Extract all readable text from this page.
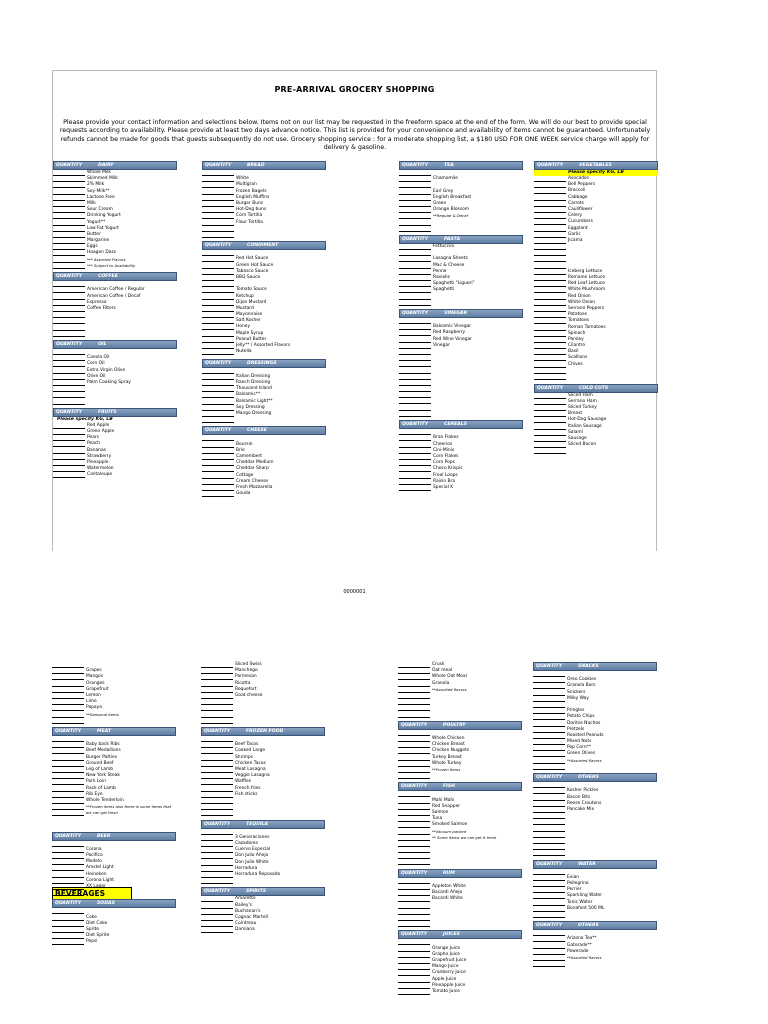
PRE-ARRIVAL GROCERY SHOPPING
Please provide your contact information and selections below. Items not on our list may be requested in the freeform space at the end of the form. We will do our best to provide special requests according to availability. Please provide at least two days advance notice. This list is provided for your convenience and availability of items cannot be guaranteed. Unfortunately refunds cannot be made for goods that guests subsequently do not use. Grocery shopping service : for a moderate shopping list, a $180 USD FOR ONE WEEK service charge will apply for delivery & gasoline.
0000001
QUANTITY	DAIRY
Whole Milk
Skimmed Milk
2% Milk
Soy Milk**
Lactose Free
Milk
Sour Cream
Drinking Yogurt
Yogurt**
Low Fat Yogurt
Butter
Margarine
Eggs
Haagen Dazs
*** Assorted Flavors
*** Subject to Availability
QUANTITY	COFFEE
American Coffee / Regular
American Coffee / Decaf
Espresso
Coffee Filters
QUANTITY	OIL
Canola Oil
Corn Oil
Extra Virgin Olive
Olive Oil
Palm Cooking Spray
QUANTITY	FRUITS
Please specify KG, LB
Red Apple
Green Apple
Pears
Peach
Bananas
Strawberry
Pineapple
Watermelon
Cantaloupe
QUANTITY	BREAD
White
Multigran
Frozen Bagels
English Muffins
Burger Buns
Hot-Dog buns
Corn Tortilla
Flour Tortilla
QUANTITY	CONDIMENT
Red Hot Sauce
Green Hot Sauce
Tabasco Sauce
BBQ Sauce
Tomato Sauce
Ketchup
Dijon Mustard
Mustard
Mayonnaise
Salt Kosher
Honey
Maple Syrup
Peanut Butter
Jelly** / Assorted Flavors
Nutella
QUANTITY	DRESSINGS
Italian Dressing
Ranch Dressing
Thousand Island
Balsamic**
Balsamic Light**
Soy Dressing
Mango Dressing
QUANTITY	CHEESE
Boursin
Brie
Camembert
Cheddar Medium
Cheddar Sharp
Cottage
Cream Cheese
Fresh Mozzarella
Gouda
QUANTITY	TEA
Chamomile
Earl Grey
English Breakfast
Green
Orange Blossom
**Regular & Decaf
QUANTITY	PASTA
Fettuccini
Lasagna Sheets
Mac & Cheese
Penne
Raviolis
Spaghetti "Liguori"
Spaghetti
QUANTITY	VINEGAR
Balsamic Vinegar
Red Raspberry
Red Wine Vinegar
Vinegar
QUANTITY	CEREALS
Bran Flakes
Cheerios
Cini-Minis
Corn Flakes
Corn Pops
Choco Krispis
Frool Loops
Raisin Bra
Special K
QUANTITY	VEGETABLES
Please specify KG, LB
Avocados
Bell Peppers
Broccoli
Cabbage
Carrots
Cauliflower
Celery
Cucumbers
Eggplant
Garlic
Jicama
Iceberg Lettuce
Romaine Lettuce
Red Leaf Lettuce
White Mushroom
Red Onion
White Onion
Serrano Peppers
Potatoes
Tomatoes
Roman Tomatoes
Spinach
Parsley
Cilantro
Basil
Scallions
Chives
QUANTITY	COLD CUTS
Sliced Ham
Serrano Ham
Sliced Turkey
Breast
Hot-Dog Sausage
Italian Sausage
Salami
Sausage
Sliced Bacon
BEVERAGES
Grapes
Mangos
Oranges
Grapefruit
Lemon
Lime
Papaya
**Seasonal items
QUANTITY	MEAT
Baby back Ribs
Beef Medallions
Burger Patties
Ground Beef
Leg of Lamb
New York Steak
Pork Loin
Rack of Lamb
Rib Eye
Whole Tenderloin
**Frozen items also there is some items that
we can get fresh
QUANTITY	BEER
Corona
Pacifico
Modelo
Amstel Light
Heineken
Corona Light
XX Lager
QUANTITY	SODAS
Coke
Diet Coke
Sprite
Diet Sprite
Pepsi
Sliced Swiss
Manchego
Parmesan
Ricotta
Roquefort
Goat cheese
QUANTITY	FROZEN FOOD
Beef Tacos
Cooked Large
Shrimps
Chicken Tacos
Meat Lasagna
Veggie Lasagna
Waffles
French fries
Fish sticks
QUANTITY	TEQUILA
3 Generaciones
Cazadores
Cuervo Especial
Don Julio Añejo
Don Julio White
Herradura
Herradura Reposado
QUANTITY	SPIRITS
Amaretto
Bailey's
Buchanan's
Cognac Martell
Cointreau
Damiana
Crusli
Oat meal
Whole Oat Meal
Granola
**Assorted flavors
QUANTITY	POULTRY
Whole Chicken
Chicken Breast
Chicken Nuggets
Turkey Breast
Whole Turkey
**Frozen items
QUANTITY	FISH
Mahi Mahi
Red Snapper
Salmon
Tuna
Smoked Salmon
**Vacuum packed
** Some items we can get it fresh
QUANTITY	RUM
Appleton White
Bacardi Añejo
Bacardi White
QUANTITY	JUICES
Orange Juice
Graphe Juice
Grapefruit Juice
Mango Juice
Cranberry Juice
Apple Juice
Pineapple Juice
Tomato Juice
QUANTITY	SNACKS
Oreo Cookies
Granola Bars
Snickers
Milky Way
Pringles
Potato Chips
Doritos Nachos
Pretzels
Roasted Peanuts
Mixed Nuts
Pop Corn**
Green Olives
**Assorted flavors
QUANTITY	OTHERS
Kosher Pickles
Bacon Bits
Reese Croutons
Pancake Mix
QUANTITY	WATER
Evian
Pellegrino
Perrier
Sparkling Water
Tonic Water
Bonafont 500 ML
QUANTITY	OTHERS
Arizona Tea**
Gatorade**
Powerade
**Assorted flavors
